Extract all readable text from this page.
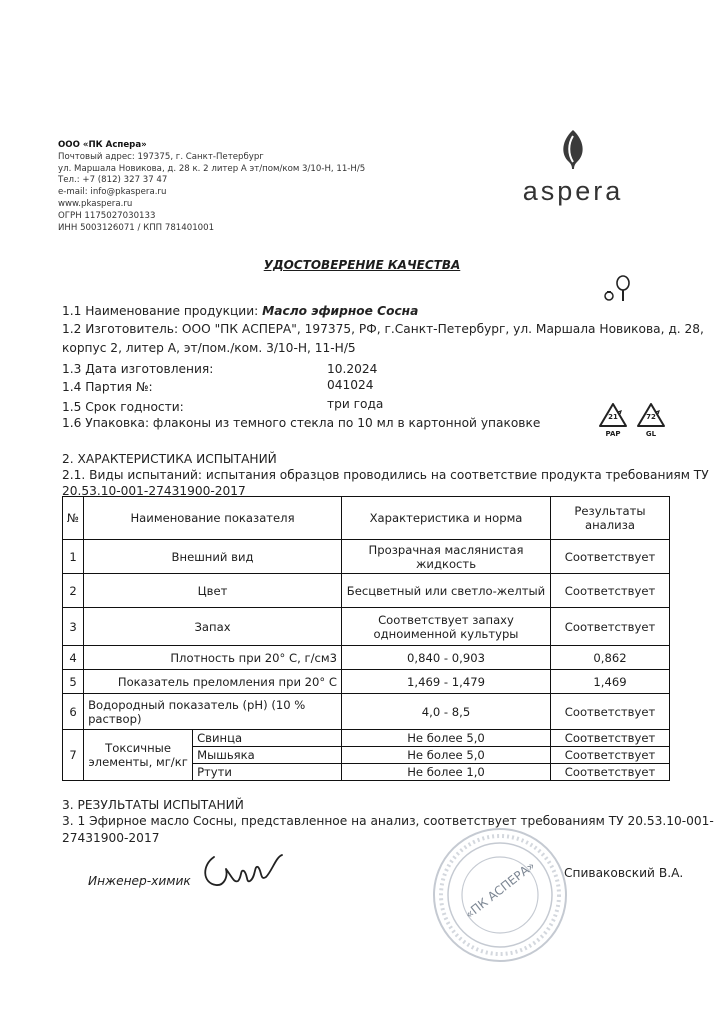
ООО «ПК Аспера»
Почтовый адрес: 197375, г. Санкт-Петербург
ул. Маршала Новикова, д. 28 к. 2 литер А эт/пом/ком 3/10-Н, 11-Н/5
Тел.: +7 (812) 327 37 47
e-mail: info@pkaspera.ru
www.pkaspera.ru
ОГРН 1175027030133
ИНН 5003126071 / КПП 781401001
aspera
УДОСТОВЕРЕНИЕ КАЧЕСТВА
1.1 Наименование продукции: Масло эфирное Сосна
1.2 Изготовитель: ООО "ПК АСПЕРА", 197375, РФ, г.Санкт-Петербург, ул. Маршала Новикова, д. 28,
корпус 2, литер А, эт/пом./ком. 3/10-Н, 11-Н/5
1.3 Дата изготовления:	10.2024
1.4 Партия №:	041024
1.5 Срок годности:	три года
1.6 Упаковка: флаконы из темного стекла по 10 мл в картонной упаковке	21
PAP
72
GL
2. ХАРАКТЕРИСТИКА ИСПЫТАНИЙ
2.1. Виды испытаний: испытания образцов проводились на соответствие продукта требованиям ТУ
20.53.10-001-27431900-2017
№	Наименование показателя		Характеристика и норма	Результаты анализа
1	Внешний вид		Прозрачная маслянистая жидкость	Соответствует
2	Цвет		Бесцветный или светло-желтый	Соответствует
3	Запах		Соответствует запаху одноименной культуры	Соответствует
4	Плотность при 20° С, г/см3		0,840 - 0,903	0,862
5	Показатель преломления при 20° С		1,469 - 1,479	1,469
6	Водородный показатель (pH) (10 % раствор)		4,0 - 8,5	Соответствует
7	Токсичные элементы, мг/кг	Свинца	Не более 5,0	Соответствует
		Мышьяка	Не более 5,0	Соответствует
		Ртути	Не более 1,0	Соответствует
3. РЕЗУЛЬТАТЫ ИСПЫТАНИЙ
3. 1 Эфирное масло Сосны, представленное на анализ, соответствует требованиям ТУ 20.53.10-001-
27431900-2017
Инженер-химик
Спиваковский В.А.
«ПК АСПЕРА»
